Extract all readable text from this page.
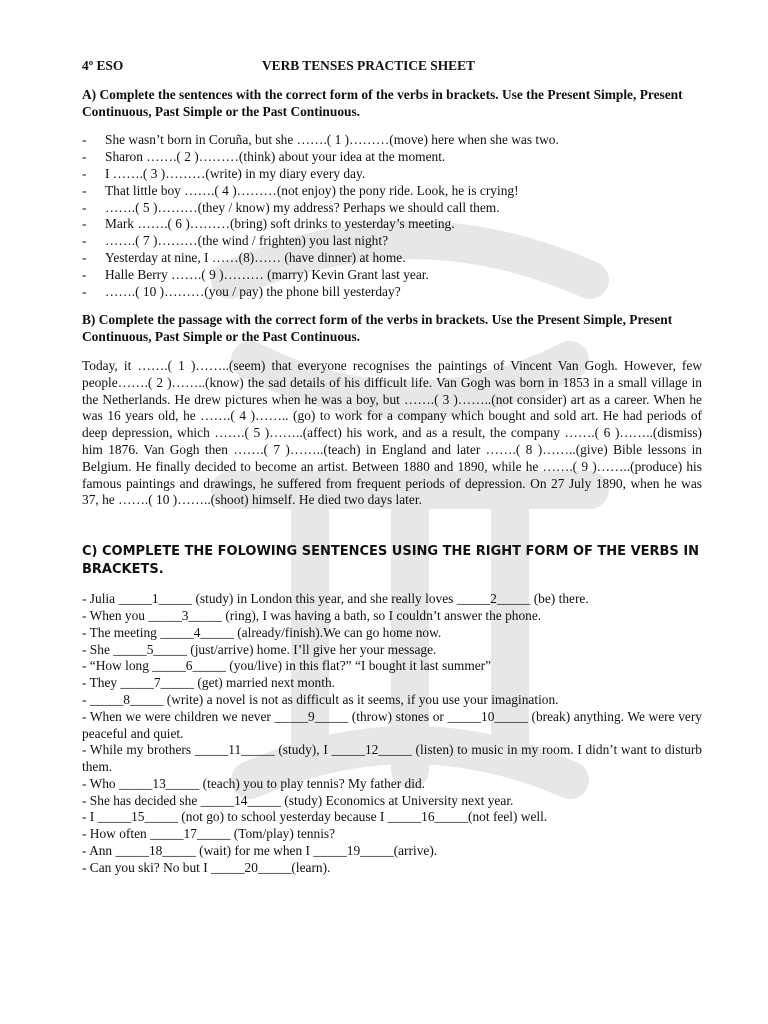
4º ESO	VERB TENSES PRACTICE SHEET

A) Complete the sentences with the correct form of the verbs in brackets. Use the Present Simple, Present Continuous, Past Simple or the Past Continuous.

- She wasn’t born in Coruña, but she …….( 1 )………(move) here when she was two.
- Sharon …….( 2 )………(think) about your idea at the moment.
- I …….( 3 )………(write) in my diary every day.
- That little boy …….( 4 )………(not enjoy) the pony ride. Look, he is crying!
- …….( 5 )………(they / know) my address? Perhaps we should call them.
- Mark …….( 6 )………(bring) soft drinks to yesterday’s meeting.
- …….( 7 )………(the wind / frighten) you last night?
- Yesterday at nine, I ……(8)…… (have dinner) at home.
- Halle Berry …….( 9 )……… (marry) Kevin Grant last year.
- …….( 10 )………(you / pay) the phone bill yesterday?

B) Complete the passage with the correct form of the verbs in brackets. Use the Present Simple, Present Continuous, Past Simple or the Past Continuous.

Today, it …….( 1 )……..(seem) that everyone recognises the paintings of Vincent Van Gogh. However, few people…….( 2 )……..(know) the sad details of his difficult life. Van Gogh was born in 1853 in a small village in the Netherlands. He drew pictures when he was a boy, but …….( 3 )……..(not consider) art as a career. When he was 16 years old, he …….( 4 )…….. (go) to work for a company which bought and sold art. He had periods of deep depression, which …….( 5 )……..(affect) his work, and as a result, the company …….( 6 )……..(dismiss) him 1876. Van Gogh then …….( 7 )……..(teach) in England and later …….( 8 )……..(give) Bible lessons in Belgium. He finally decided to become an artist. Between 1880 and 1890, while he …….( 9 )……..(produce) his famous paintings and drawings, he suffered from frequent periods of depression. On 27 July 1890, when he was 37, he …….( 10 )……..(shoot) himself. He died two days later.

C) COMPLETE THE FOLOWING SENTENCES USING THE RIGHT FORM OF THE VERBS IN BRACKETS.

- Julia _____1_____ (study) in London this year, and she really loves _____2_____ (be) there.
- When you _____3_____ (ring), I was having a bath, so I couldn’t answer the phone.
- The meeting _____4_____ (already/finish).We can go home now.
- She _____5_____ (just/arrive) home. I’ll give her your message.
- “How long _____6_____ (you/live) in this flat?” “I bought it last summer”
- They _____7_____ (get) married next month.
- _____8_____ (write) a novel is not as difficult as it seems, if you use your imagination.
- When we were children we never _____9_____ (throw) stones or _____10_____ (break) anything. We were very peaceful and quiet.
- While my brothers _____11_____ (study), I _____12_____ (listen) to music in my room. I didn’t want to disturb them.
- Who _____13_____ (teach) you to play tennis? My father did.
- She has decided she _____14_____ (study) Economics at University next year.
- I _____15_____ (not go) to school yesterday because I _____16_____(not feel) well.
- How often _____17_____ (Tom/play) tennis?
- Ann _____18_____ (wait) for me when I _____19_____(arrive).
- Can you ski? No but I _____20_____(learn).
